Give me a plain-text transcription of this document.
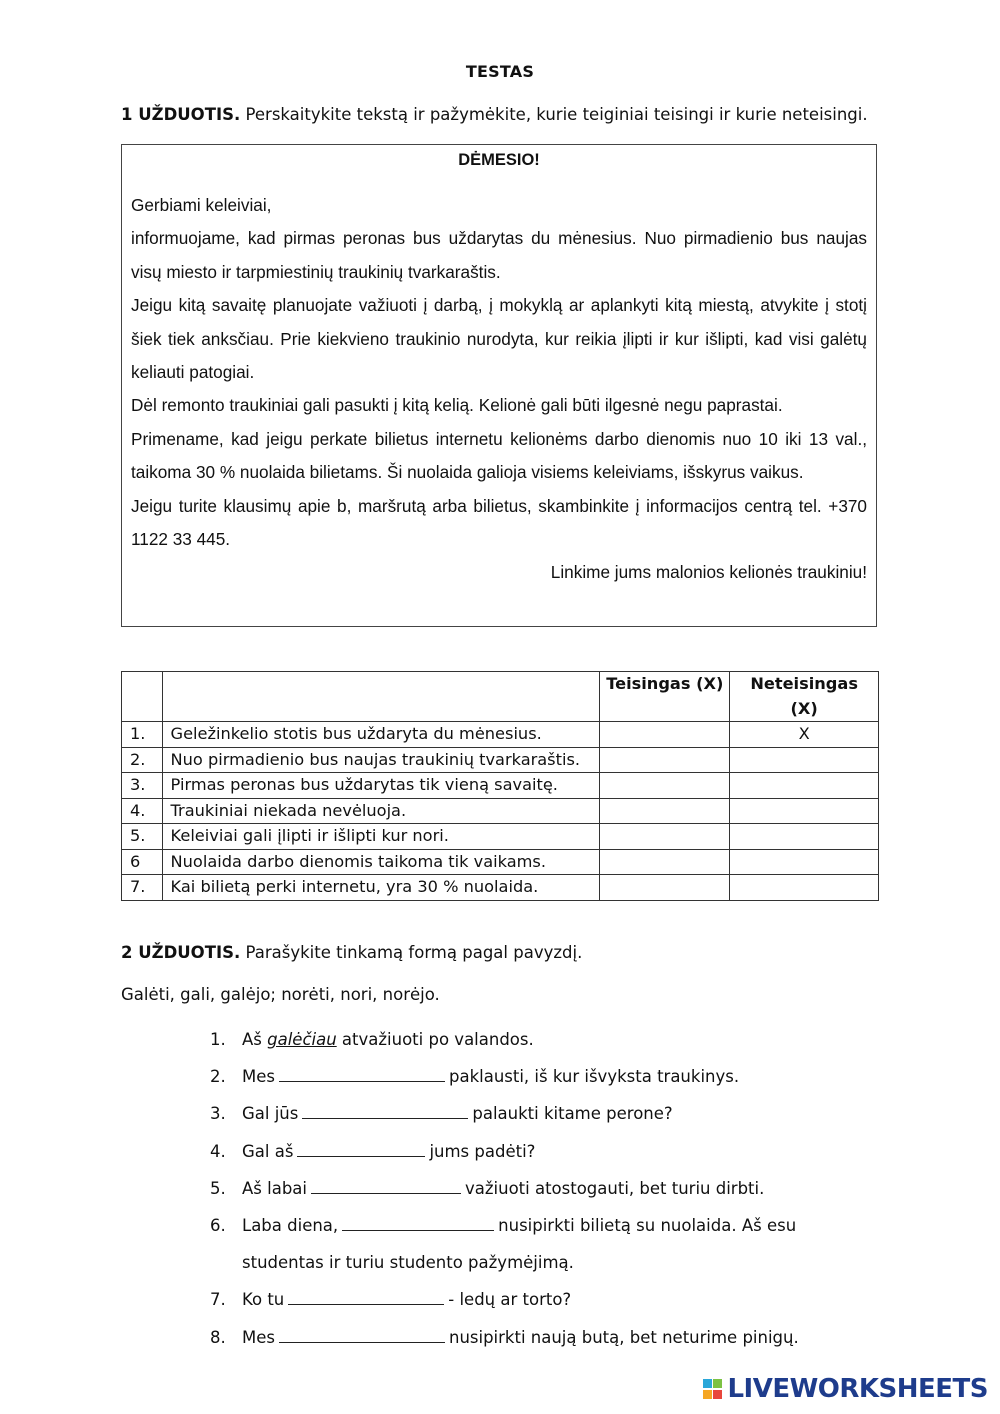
TESTAS
1 UŽDUOTIS. Perskaitykite tekstą ir pažymėkite, kurie teiginiai teisingi ir kurie neteisingi.
DĖMESIO!

Gerbiami keleiviai,

informuojame, kad pirmas peronas bus uždarytas du mėnesius. Nuo pirmadienio bus naujas visų miesto ir tarpmiestinių traukinių tvarkaraštis.

Jeigu kitą savaitę planuojate važiuoti į darbą, į mokyklą ar aplankyti kitą miestą, atvykite į stotį šiek tiek anksčiau. Prie kiekvieno traukinio nurodyta, kur reikia įlipti ir kur išlipti, kad visi galėtų keliauti patogiai.

Dėl remonto traukiniai gali pasukti į kitą kelią. Kelionė gali būti ilgesnė negu paprastai.

Primename, kad jeigu perkate bilietus internetu kelionėms darbo dienomis nuo 10 iki 13 val., taikoma 30 % nuolaida bilietams. Ši nuolaida galioja visiems keleiviams, išskyrus vaikus.

Jeigu turite klausimų apie b, maršrutą arba bilietus, skambinkite į informacijos centrą tel. +370 1122 33 445.

Linkime jums malonios kelionės traukiniu!
		Teisingas (X)	Neteisingas (X)
1.	Geležinkelio stotis bus uždaryta du mėnesius.		X
2.	Nuo pirmadienio bus naujas traukinių tvarkaraštis.		
3.	Pirmas peronas bus uždarytas tik vieną savaitę.		
4.	Traukiniai niekada nevėluoja.		
5.	Keleiviai gali įlipti ir išlipti kur nori.		
6	Nuolaida darbo dienomis taikoma tik vaikams.		
7.	Kai bilietą perki internetu, yra 30 % nuolaida.		
2 UŽDUOTIS. Parašykite tinkamą formą pagal pavyzdį.
Galėti, gali, galėjo; norėti, nori, norėjo.
1. Aš galėčiau atvažiuoti po valandos.
2. Mes	paklausti, iš kur išvyksta traukinys.
3. Gal jūs	palaukti kitame perone?
4. Gal aš	jums padėti?
5. Aš labai	važiuoti atostogauti, bet turiu dirbti.
6. Laba diena,	nusipirkti bilietą su nuolaida. Aš esu studentas ir turiu studento pažymėjimą.
7. Ko tu	- ledų ar torto?
8. Mes	nusipirkti naują butą, bet neturime pinigų.
LIVEWORKSHEETS
